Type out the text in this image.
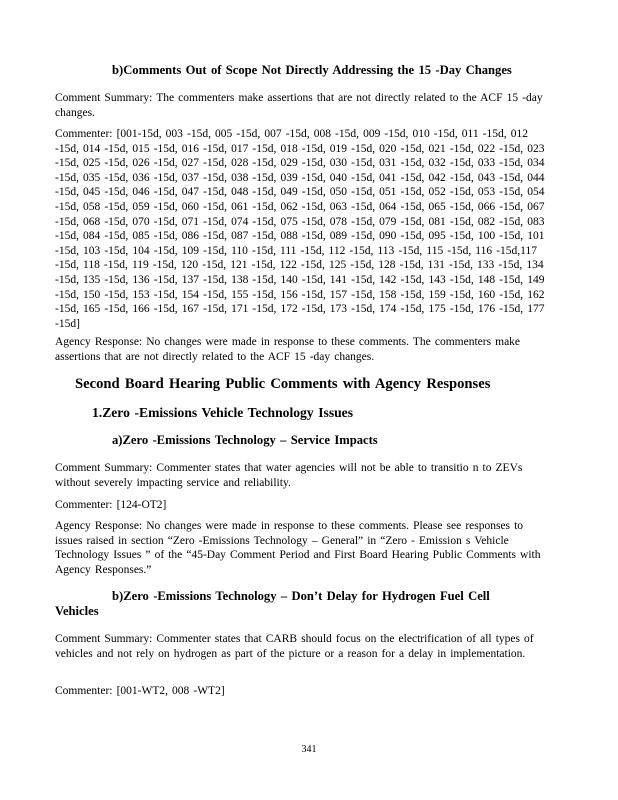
b)Comments Out of Scope Not Directly Addressing the 15 -Day Changes

Comment Summary: The commenters make assertions that are not directly related to the ACF 15 -day changes.

Commenter: [001-15d, 003 -15d, 005 -15d, 007 -15d, 008 -15d, 009 -15d, 010 -15d, 011 -15d, 012 -15d, 014 -15d, 015 -15d, 016 -15d, 017 -15d, 018 -15d, 019 -15d, 020 -15d, 021 -15d, 022 -15d, 023 -15d, 025 -15d, 026 -15d, 027 -15d, 028 -15d, 029 -15d, 030 -15d, 031 -15d, 032 -15d, 033 -15d, 034 -15d, 035 -15d, 036 -15d, 037 -15d, 038 -15d, 039 -15d, 040 -15d, 041 -15d, 042 -15d, 043 -15d, 044 -15d, 045 -15d, 046 -15d, 047 -15d, 048 -15d, 049 -15d, 050 -15d, 051 -15d, 052 -15d, 053 -15d, 054 -15d, 058 -15d, 059 -15d, 060 -15d, 061 -15d, 062 -15d, 063 -15d, 064 -15d, 065 -15d, 066 -15d, 067 -15d, 068 -15d, 070 -15d, 071 -15d, 074 -15d, 075 -15d, 078 -15d, 079 -15d, 081 -15d, 082 -15d, 083 -15d, 084 -15d, 085 -15d, 086 -15d, 087 -15d, 088 -15d, 089 -15d, 090 -15d, 095 -15d, 100 -15d, 101 -15d, 103 -15d, 104 -15d, 109 -15d, 110 -15d, 111 -15d, 112 -15d, 113 -15d, 115 -15d, 116 -15d,117 -15d, 118 -15d, 119 -15d, 120 -15d, 121 -15d, 122 -15d, 125 -15d, 128 -15d, 131 -15d, 133 -15d, 134 -15d, 135 -15d, 136 -15d, 137 -15d, 138 -15d, 140 -15d, 141 -15d, 142 -15d, 143 -15d, 148 -15d, 149 -15d, 150 -15d, 153 -15d, 154 -15d, 155 -15d, 156 -15d, 157 -15d, 158 -15d, 159 -15d, 160 -15d, 162 -15d, 165 -15d, 166 -15d, 167 -15d, 171 -15d, 172 -15d, 173 -15d, 174 -15d, 175 -15d, 176 -15d, 177 -15d]

Agency Response: No changes were made in response to these comments. The commenters make assertions that are not directly related to the ACF 15 -day changes.

Second Board Hearing Public Comments with Agency Responses
1.Zero -Emissions Vehicle Technology Issues
a)Zero -Emissions Technology – Service Impacts

Comment Summary: Commenter states that water agencies will not be able to transitio n to ZEVs without severely impacting service and reliability.

Commenter: [124-OT2]

Agency Response: No changes were made in response to these comments. Please see responses to issues raised in section “Zero -Emissions Technology – General” in “Zero - Emission s Vehicle Technology Issues ” of the “45-Day Comment Period and First Board Hearing Public Comments with Agency Responses.”

b)Zero -Emissions Technology – Don’t Delay for Hydrogen Fuel Cell Vehicles

Comment Summary: Commenter states that CARB should focus on the electrification of all types of vehicles and not rely on hydrogen as part of the picture or a reason for a delay in implementation.

Commenter: [001-WT2, 008 -WT2]

341
